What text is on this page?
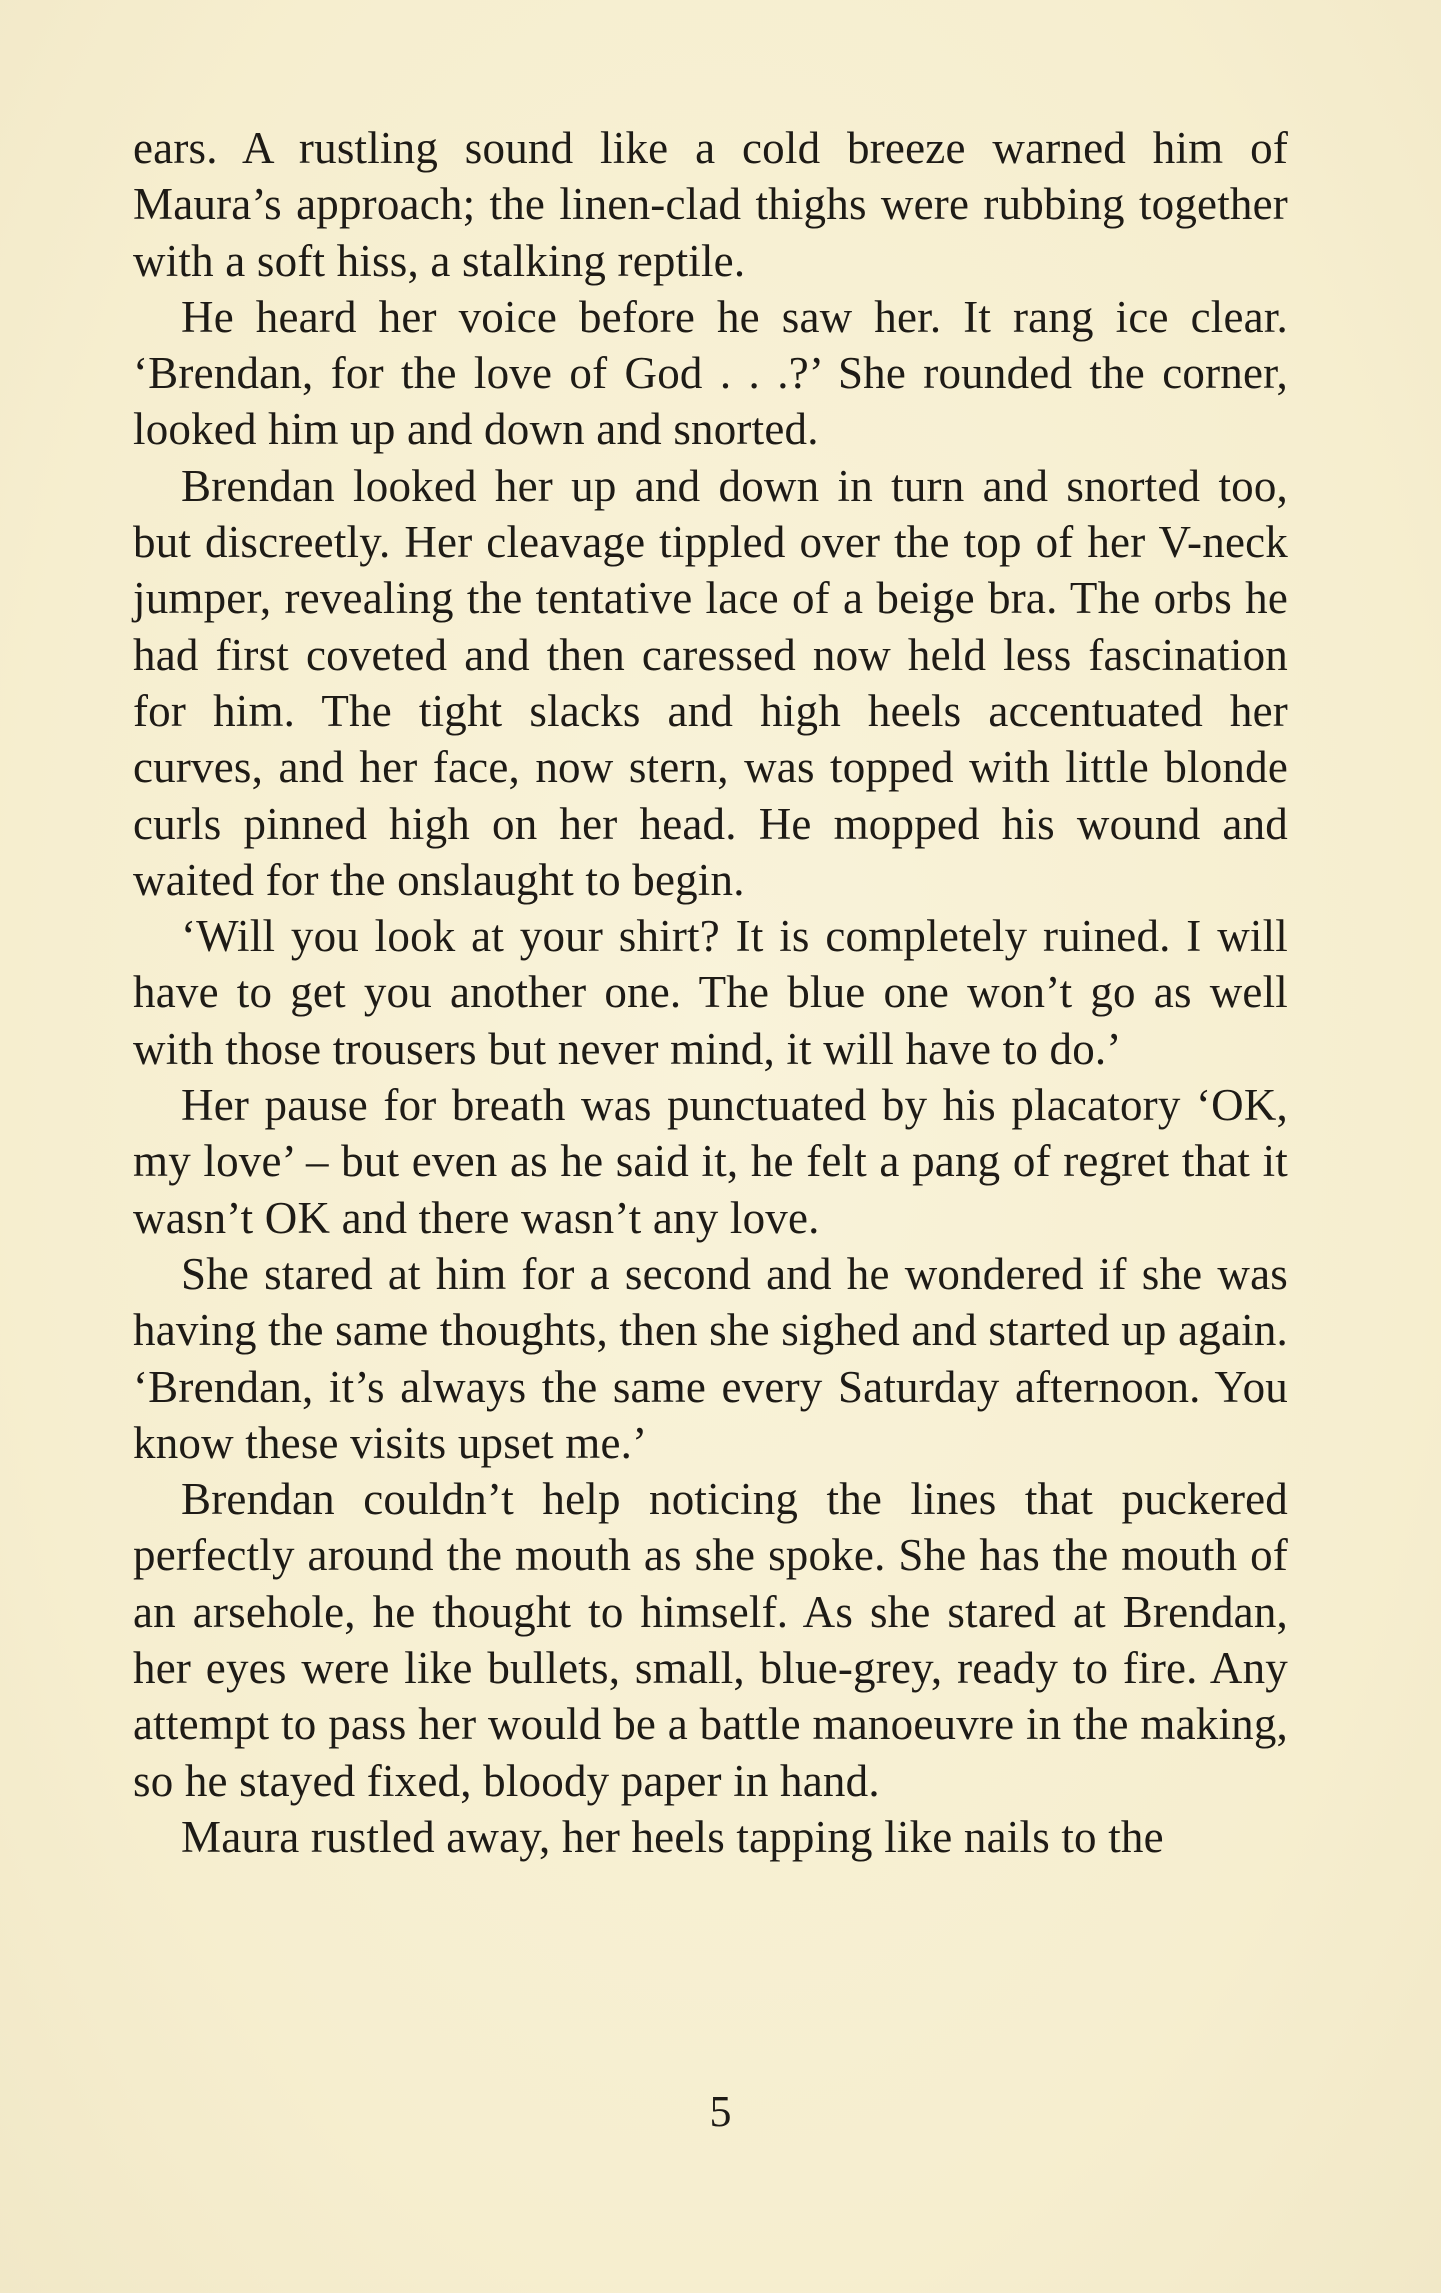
ears. A rustling sound like a cold breeze warned him of Maura’s approach; the linen-clad thighs were rubbing together with a soft hiss, a stalking reptile.

He heard her voice before he saw her. It rang ice clear. ‘Brendan, for the love of God . . .?’ She rounded the corner, looked him up and down and snorted.

Brendan looked her up and down in turn and snorted too, but discreetly. Her cleavage tippled over the top of her V-neck jumper, revealing the tentative lace of a beige bra. The orbs he had first coveted and then caressed now held less fascination for him. The tight slacks and high heels accentuated her curves, and her face, now stern, was topped with little blonde curls pinned high on her head. He mopped his wound and waited for the onslaught to begin.

‘Will you look at your shirt? It is completely ruined. I will have to get you another one. The blue one won’t go as well with those trousers but never mind, it will have to do.’

Her pause for breath was punctuated by his placatory ‘OK, my love’ – but even as he said it, he felt a pang of regret that it wasn’t OK and there wasn’t any love.

She stared at him for a second and he wondered if she was having the same thoughts, then she sighed and started up again. ‘Brendan, it’s always the same every Saturday afternoon. You know these visits upset me.’

Brendan couldn’t help noticing the lines that puckered perfectly around the mouth as she spoke. She has the mouth of an arsehole, he thought to himself. As she stared at Brendan, her eyes were like bullets, small, blue-grey, ready to fire. Any attempt to pass her would be a battle manoeuvre in the making, so he stayed fixed, bloody paper in hand.

Maura rustled away, her heels tapping like nails to the

5
